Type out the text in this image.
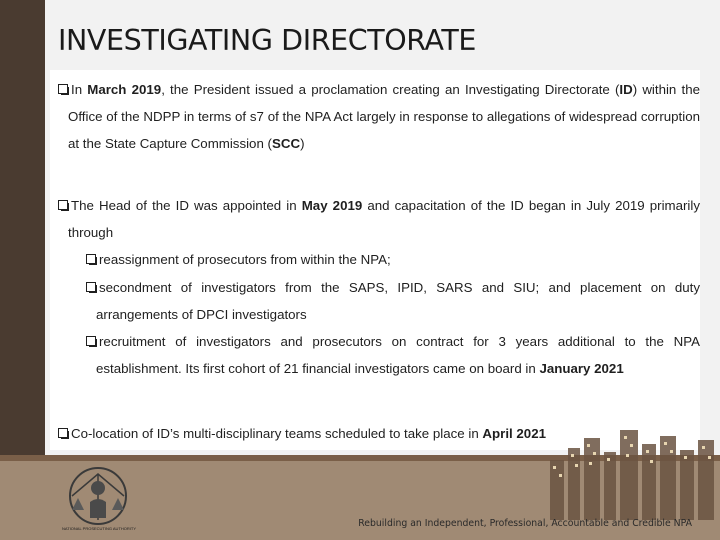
INVESTIGATING DIRECTORATE
In March 2019, the President issued a proclamation creating an Investigating Directorate (ID) within the Office of the NDPP in terms of s7 of the NPA Act largely in response to allegations of widespread corruption at the State Capture Commission (SCC)
The Head of the ID was appointed in May 2019 and capacitation of the ID began in July 2019 primarily through
reassignment of prosecutors from within the NPA;
secondment of investigators from the SAPS, IPID, SARS and SIU; and placement on duty arrangements of DPCI investigators
recruitment of investigators and prosecutors on contract for 3 years additional to the NPA establishment. Its first cohort of 21 financial investigators came on board in January 2021
Co-location of ID’s multi-disciplinary teams scheduled to take place in April 2021
NATIONAL PROSECUTING AUTHORITY	Rebuilding an Independent, Professional, Accountable and Credible NPA
